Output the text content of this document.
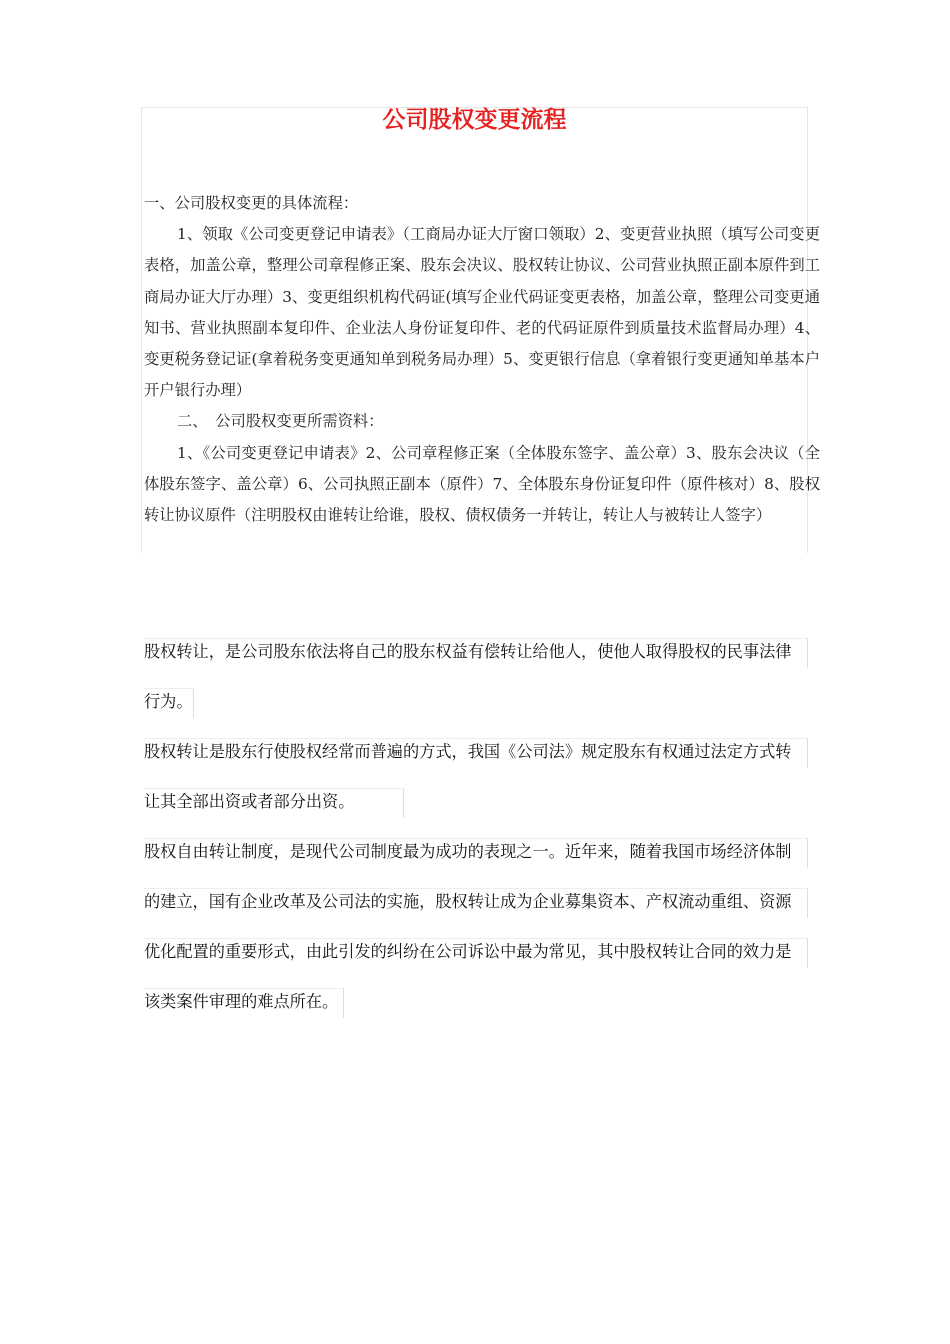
公司股权变更流程

一、公司股权变更的具体流程：

1、领取《公司变更登记申请表》（工商局办证大厅窗口领取）2、变更营业执照（填写公司变更表格，加盖公章，整理公司章程修正案、股东会决议、股权转让协议、公司营业执照正副本原件到工商局办证大厅办理）3、变更组织机构代码证(填写企业代码证变更表格，加盖公章，整理公司变更通知书、营业执照副本复印件、企业法人身份证复印件、老的代码证原件到质量技术监督局办理）4、变更税务登记证(拿着税务变更通知单到税务局办理）5、变更银行信息（拿着银行变更通知单基本户开户银行办理）

二、　公司股权变更所需资料：

1、《公司变更登记申请表》2、公司章程修正案（全体股东签字、盖公章）3、股东会决议（全体股东签字、盖公章）6、公司执照正副本（原件）7、全体股东身份证复印件（原件核对）8、股权转让协议原件（注明股权由谁转让给谁，股权、债权债务一并转让，转让人与被转让人签字）

股权转让，是公司股东依法将自己的股东权益有偿转让给他人，使他人取得股权的民事法律

行为。

股权转让是股东行使股权经常而普遍的方式，我国《公司法》规定股东有权通过法定方式转

让其全部出资或者部分出资。

股权自由转让制度，是现代公司制度最为成功的表现之一。近年来，随着我国市场经济体制

的建立，国有企业改革及公司法的实施，股权转让成为企业募集资本、产权流动重组、资源

优化配置的重要形式，由此引发的纠纷在公司诉讼中最为常见，其中股权转让合同的效力是

该类案件审理的难点所在。
